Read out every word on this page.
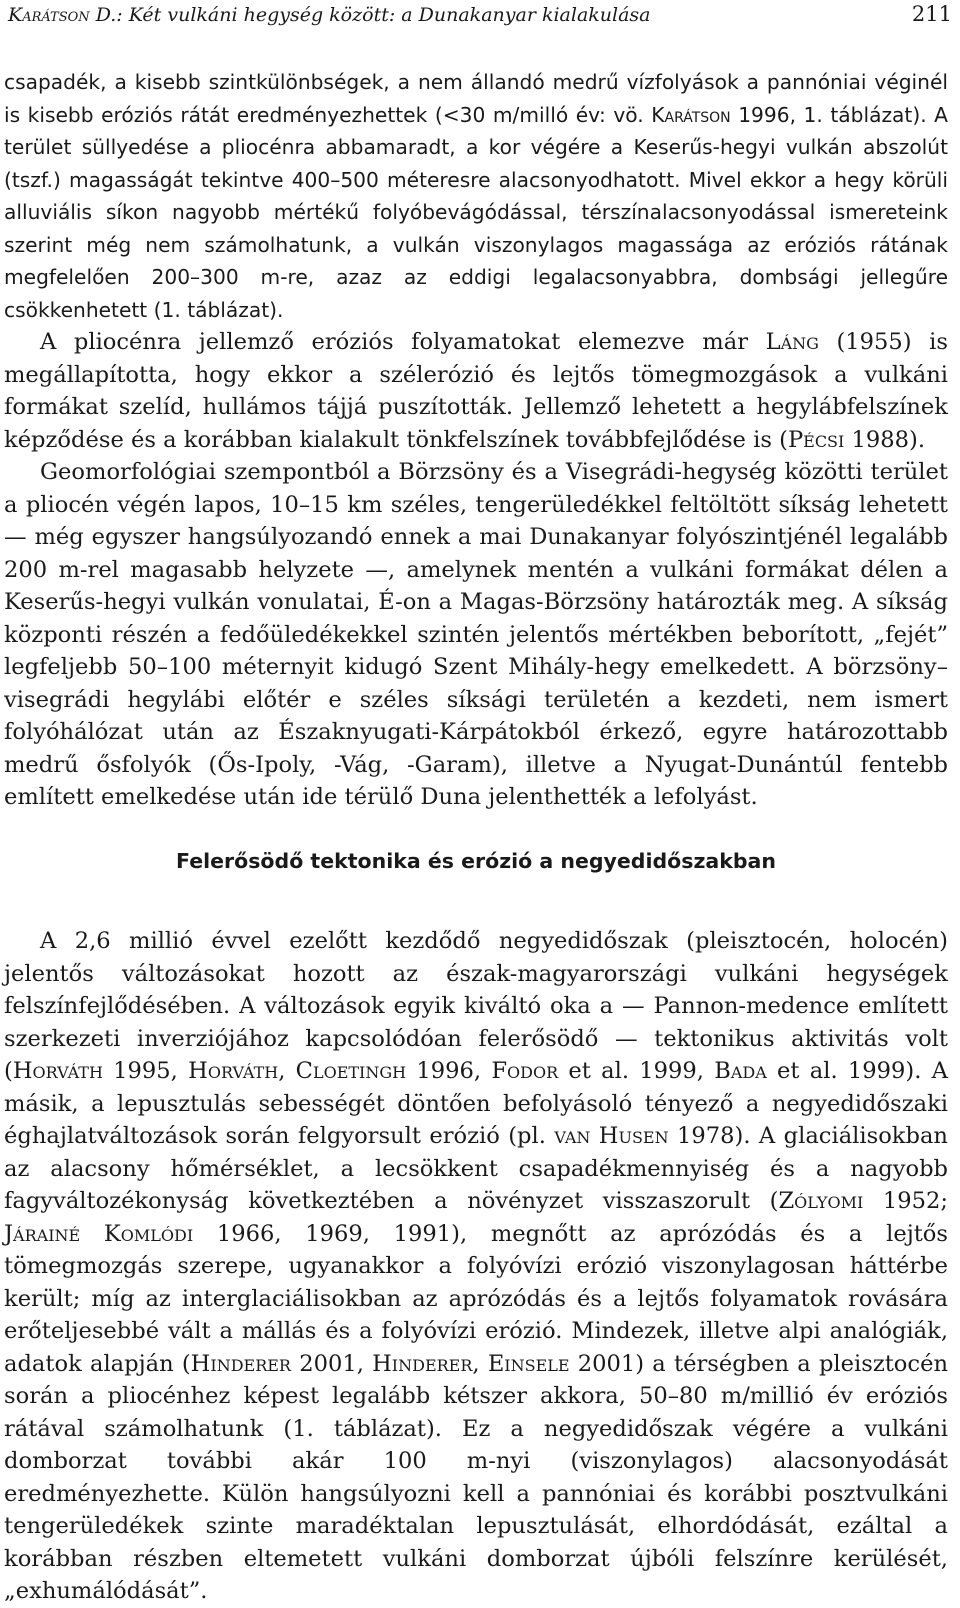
Karátson D.: Két vulkáni hegység között: a Dunakanyar kialakulása	211

csapadék, a kisebb szintkülönbségek, a nem állandó medrű vízfolyások a pannóniai véginél is kisebb eróziós rátát eredményezhettek (<30 m/milló év: vö. Karátson 1996, 1. táblázat). A terület süllyedése a pliocénra abbamaradt, a kor végére a Keserűs-hegyi vulkán abszolút (tszf.) magasságát tekintve 400–500 méteresre alacsonyodhatott. Mivel ekkor a hegy körüli alluviális síkon nagyobb mértékű folyóbevágódással, térszínalacsonyodással ismereteink szerint még nem számolhatunk, a vulkán viszonylagos magassága az eróziós rátának megfelelően 200–300 m-re, azaz az eddigi legalacsonyabbra, dombsági jellegűre csökkenhetett (1. táblázat).

A pliocénra jellemző eróziós folyamatokat elemezve már Láng (1955) is megállapította, hogy ekkor a szélerózió és lejtős tömegmozgások a vulkáni formákat szelíd, hullámos tájjá puszították. Jellemző lehetett a hegylábfelszínek képződése és a korábban kialakult tönkfelszínek továbbfejlődése is (Pécsi 1988).

Geomorfológiai szempontból a Börzsöny és a Visegrádi-hegység közötti terület a pliocén végén lapos, 10–15 km széles, tengerüledékkel feltöltött síkság lehetett — még egyszer hangsúlyozandó ennek a mai Dunakanyar folyószintjénél legalább 200 m-rel magasabb helyzete —, amelynek mentén a vulkáni formákat délen a Keserűs-hegyi vulkán vonulatai, É-on a Magas-Börzsöny határozták meg. A síkság központi részén a fedőüledékekkel szintén jelentős mértékben beborított, „fejét” legfeljebb 50–100 méternyit kidugó Szent Mihály-hegy emelkedett. A börzsöny–visegrádi hegylábi előtér e széles síksági területén a kezdeti, nem ismert folyóhálózat után az Északnyugati-Kárpátokból érkező, egyre határozottabb medrű ősfolyók (Ős-Ipoly, -Vág, -Garam), illetve a Nyugat-Dunántúl fentebb említett emelkedése után ide térülő Duna jelenthették a lefolyást.

Felerősödő tektonika és erózió a negyedidőszakban

A 2,6 millió évvel ezelőtt kezdődő negyedidőszak (pleisztocén, holocén) jelentős változásokat hozott az észak-magyarországi vulkáni hegységek felszínfejlődésében. A változások egyik kiváltó oka a — Pannon-medence említett szerkezeti inverziójához kapcsolódóan felerősödő — tektonikus aktivitás volt (Horváth 1995, Horváth, Cloetingh 1996, Fodor et al. 1999, Bada et al. 1999). A másik, a lepusztulás sebességét döntően befolyásoló tényező a negyedidőszaki éghajlatváltozások során felgyorsult erózió (pl. van Husen 1978). A glaciálisokban az alacsony hőmérséklet, a lecsökkent csapadékmennyiség és a nagyobb fagyváltozékonyság következtében a növényzet visszaszorult (Zólyomi 1952; Járainé Komlódi 1966, 1969, 1991), megnőtt az aprózódás és a lejtős tömegmozgás szerepe, ugyanakkor a folyóvízi erózió viszonylagosan háttérbe került; míg az interglaciálisokban az aprózódás és a lejtős folyamatok rovására erőteljesebbé vált a mállás és a folyóvízi erózió. Mindezek, illetve alpi analógiák, adatok alapján (Hinderer 2001, Hinderer, Einsele 2001) a térségben a pleisztocén során a pliocénhez képest legalább kétszer akkora, 50–80 m/millió év eróziós rátával számolhatunk (1. táblázat). Ez a negyedidőszak végére a vulkáni domborzat további akár 100 m-nyi (viszonylagos) alacsonyodását eredményezhette. Külön hangsúlyozni kell a pannóniai és korábbi posztvulkáni tengerüledékek szinte maradéktalan lepusztulását, elhordódását, ezáltal a korábban részben eltemetett vulkáni domborzat újbóli felszínre kerülését, „exhumálódását”.
